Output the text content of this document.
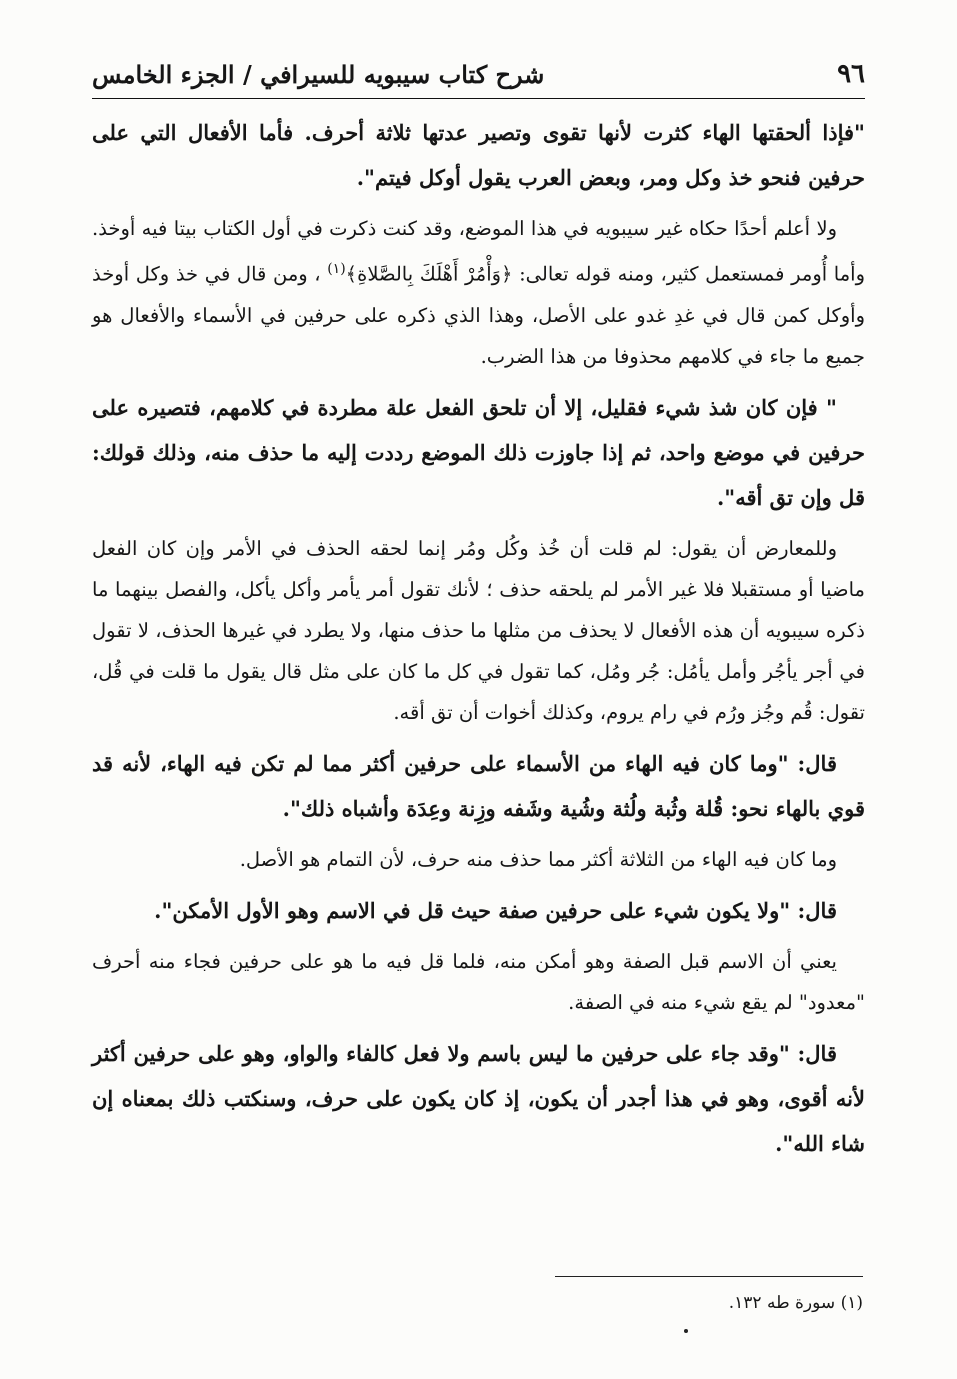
٩٦
شرح كتاب سيبويه للسيرافي / الجزء الخامس

"فإذا ألحقتها الهاء كثرت لأنها تقوى وتصير عدتها ثلاثة أحرف. فأما الأفعال التي على حرفين فنحو خذ وكل ومر، وبعض العرب يقول أوكل فيتم".

ولا أعلم أحدًا حكاه غير سيبويه في هذا الموضع، وقد كنت ذكرت في أول الكتاب بيتا فيه أوخذ. وأما أُومر فمستعمل كثير، ومنه قوله تعالى: ﴿وَأْمُرْ أَهْلَكَ بِالصَّلاةِ﴾$^{(١)}$ ، ومن قال في خذ وكل أوخذ وأوكل كمن قال في غدِ غدو على الأصل، وهذا الذي ذكره على حرفين في الأسماء والأفعال هو جميع ما جاء في كلامهم محذوفا من هذا الضرب.

" فإن كان شذ شيء فقليل، إلا أن تلحق الفعل علة مطردة في كلامهم، فتصيره على حرفين في موضع واحد، ثم إذا جاوزت ذلك الموضع رددت إليه ما حذف منه، وذلك قولك: قل وإن تق أقه".

وللمعارض أن يقول: لم قلت أن خُذ وكُل ومُر إنما لحقه الحذف في الأمر وإن كان الفعل ماضيا أو مستقبلا فلا غير الأمر لم يلحقه حذف ؛ لأنك تقول أمر يأمر وأكل يأكل، والفصل بينهما ما ذكره سيبويه أن هذه الأفعال لا يحذف من مثلها ما حذف منها، ولا يطرد في غيرها الحذف، لا تقول في أجر يأجُر وأمل يأمُل: جُر ومُل، كما تقول في كل ما كان على مثل قال يقول ما قلت في قُل، تقول: قُم وجُز ورُم في رام يروم، وكذلك أخوات أن تق أقه.

قال: "وما كان فيه الهاء من الأسماء على حرفين أكثر مما لم تكن فيه الهاء، لأنه قد قوي بالهاء نحو: قُلة وثُبة ولُثة وشُية وشَفه وزِنة وعِدَة وأشباه ذلك".

وما كان فيه الهاء من الثلاثة أكثر مما حذف منه حرف، لأن التمام هو الأصل.

قال: "ولا يكون شيء على حرفين صفة حيث قل في الاسم وهو الأول الأمكن".

يعني أن الاسم قبل الصفة وهو أمكن منه، فلما قل فيه ما هو على حرفين فجاء منه أحرف "معدود" لم يقع شيء منه في الصفة.

قال: "وقد جاء على حرفين ما ليس باسم ولا فعل كالفاء والواو، وهو على حرفين أكثر لأنه أقوى، وهو في هذا أجدر أن يكون، إذ كان يكون على حرف، وسنكتب ذلك بمعناه إن شاء الله".

(١) سورة طه ١٣٢.
